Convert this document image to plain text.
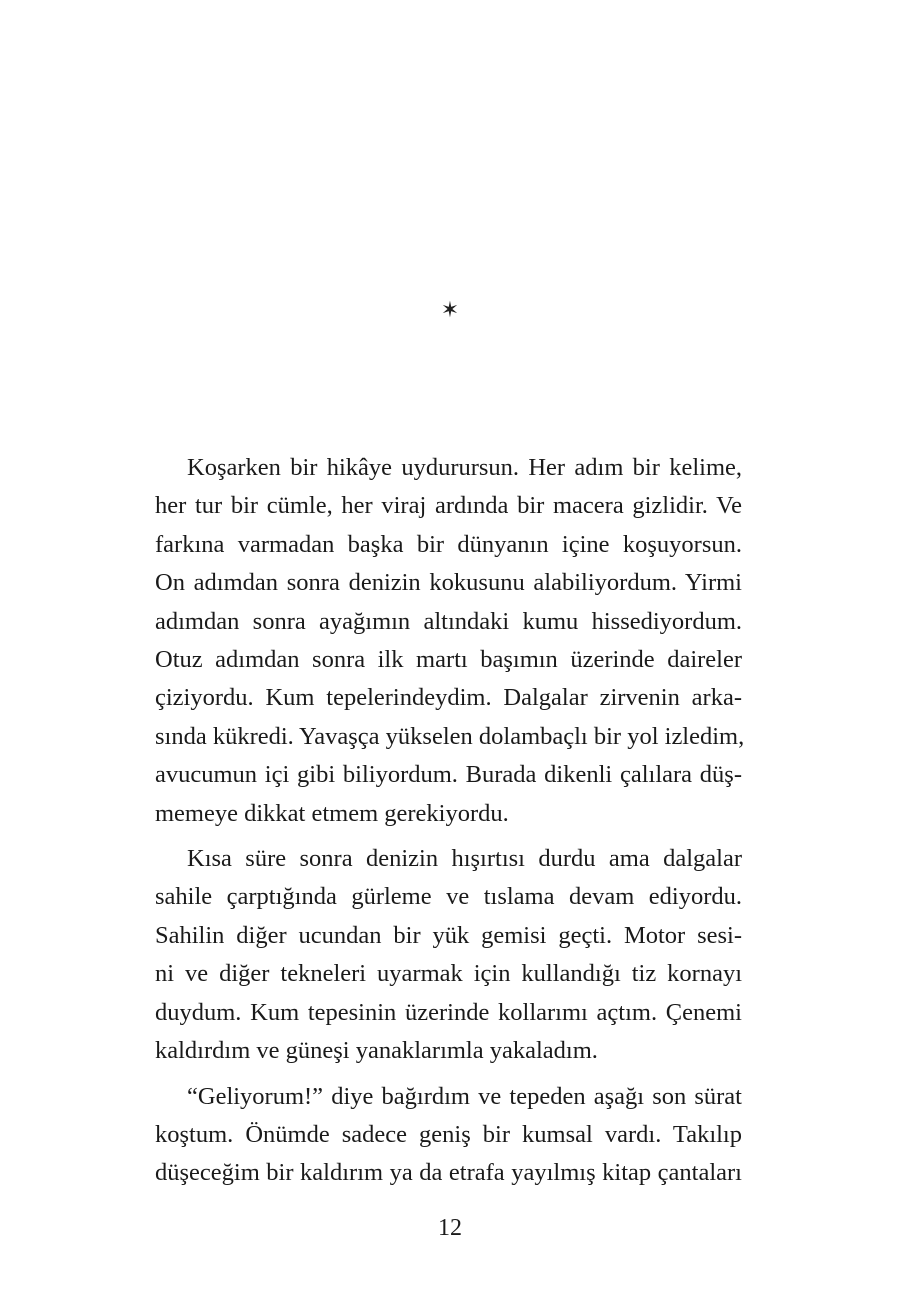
✶

Koşarken bir hikâye uydurursun. Her adım bir kelime,
her tur bir cümle, her viraj ardında bir macera gizlidir. Ve
farkına varmadan başka bir dünyanın içine koşuyorsun.
On adımdan sonra denizin kokusunu alabiliyordum. Yirmi
adımdan sonra ayağımın altındaki kumu hissediyordum.
Otuz adımdan sonra ilk martı başımın üzerinde daireler
çiziyordu. Kum tepelerindeydim. Dalgalar zirvenin arka-
sında kükredi. Yavaşça yükselen dolambaçlı bir yol izledim,
avucumun içi gibi biliyordum. Burada dikenli çalılara düş-
memeye dikkat etmem gerekiyordu.

Kısa süre sonra denizin hışırtısı durdu ama dalgalar
sahile çarptığında gürleme ve tıslama devam ediyordu.
Sahilin diğer ucundan bir yük gemisi geçti. Motor sesi-
ni ve diğer tekneleri uyarmak için kullandığı tiz kornayı
duydum. Kum tepesinin üzerinde kollarımı açtım. Çenemi
kaldırdım ve güneşi yanaklarımla yakaladım.

“Geliyorum!” diye bağırdım ve tepeden aşağı son sürat
koştum. Önümde sadece geniş bir kumsal vardı. Takılıp
düşeceğim bir kaldırım ya da etrafa yayılmış kitap çantaları

12
